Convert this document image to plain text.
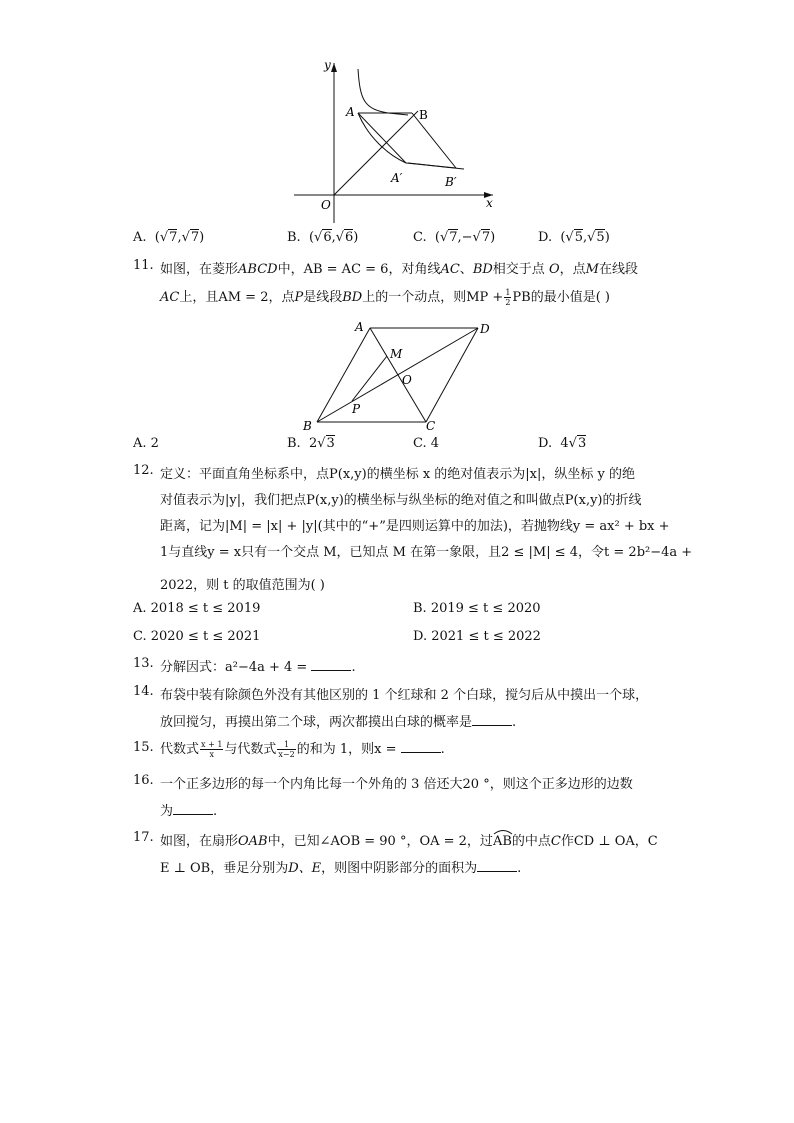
y
x
O
A	B
A′	B′
A.  (√7,√7)	B.  (√6,√6)	C.  (√7,−√7)	D.  (√5,√5)
11. 如图，在菱形ABCD中，AB = AC = 6，对角线AC、BD相交于点 O，点M在线段
AC上，且AM = 2，点P是线段BD上的一个动点，则MP + $\frac{1}{2}$ PB的最小值是( )
A	D
M
O
P
B	C
A. 2	B. 2√3	C. 4	D. 4√3
12. 定义：平面直角坐标系中，点P(x,y)的横坐标 x 的绝对值表示为|x|，纵坐标 y 的绝
对值表示为|y|，我们把点P(x,y)的横坐标与纵坐标的绝对值之和叫做点P(x,y)的折线
距离，记为|M| = |x| + |y|(其中的“+”是四则运算中的加法)，若抛物线y = ax² + bx +
1与直线y = x只有一个交点 M，已知点 M 在第一象限，且2 ≤ |M| ≤ 4，令t = 2b²−4a +
2022，则 t 的取值范围为( )
A. 2018 ≤ t ≤ 2019	B. 2019 ≤ t ≤ 2020
C. 2020 ≤ t ≤ 2021	D. 2021 ≤ t ≤ 2022
13. 分解因式：a²−4a + 4 =	.
14. 布袋中装有除颜色外没有其他区别的 1 个红球和 2 个白球，搅匀后从中摸出一个球，
放回搅匀，再摸出第二个球，两次都摸出白球的概率是	.
15. 代数式 $\frac{x + 1}{x}$ 与代数式 $\frac{1}{x-2}$ 的和为 1，则x =	.
16. 一个正多边形的每一个内角比每一个外角的 3 倍还大20 °，则这个正多边形的边数
为	.
17. 如图，在扇形OAB中，已知∠AOB = 90 °，OA = 2，过AB
的中点C作CD ⊥ OA，C
E ⊥ OB，垂足分别为D、E，则图中阴影部分的面积为	.
